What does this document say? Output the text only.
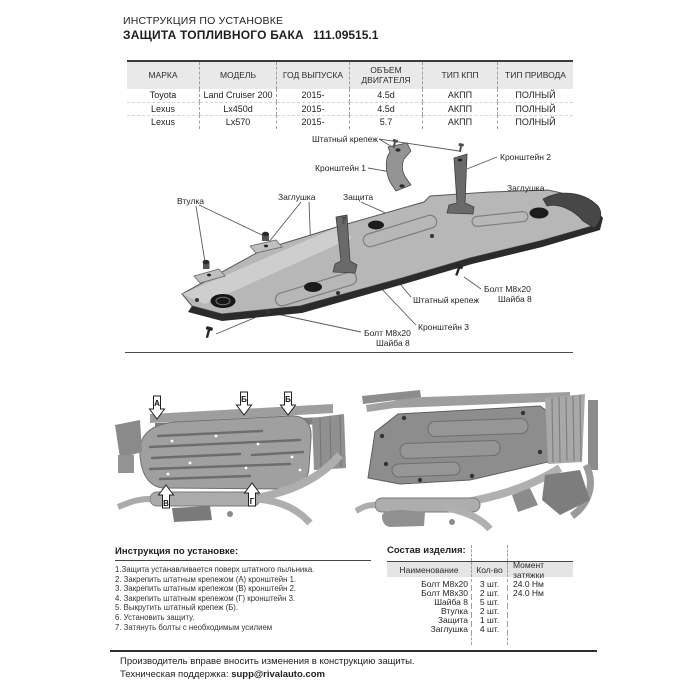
ИНСТРУКЦИЯ ПО УСТАНОВКЕ
ЗАЩИТА ТОПЛИВНОГО БАКА 111.09515.1
МАРКА	МОДЕЛЬ	ГОД ВЫПУСКА	ОБЪЕМ ДВИГАТЕЛЯ	ТИП КПП	ТИП ПРИВОДА
Toyota	Land Cruiser 200	2015-	4.5d	АКПП	ПОЛНЫЙ
Lexus	Lx450d	2015-	4.5d	АКПП	ПОЛНЫЙ
Lexus	Lx570	2015-	5.7	АКПП	ПОЛНЫЙ
Штатный крепеж
Кронштейн 1
Кронштейн 2
Заглушка
Втулка	Заглушка	Защита
Штатный крепеж
Болт М8х20
Шайба 8
Кронштейн 3
Болт М8х20
Шайба 8
А	Б	Б
В	Г
Инструкция по установке:
1.Защита устанавливается поверх штатного пыльника.
2. Закрепить штатным крепежом (А) кронштейн 1.
3. Закрепить штатным крепежом (В) кронштейн 2.
4. Закрепить штатным крепежом (Г) кронштейн 3.
5. Выкрутить штатный крепеж (Б).
6. Установить защиту.
7. Затянуть болты с необходимым усилием
Состав изделия:
Наименование	Кол-во	Момент затяжки
Болт М8х20	3 шт.	24.0 Нм
Болт М8х30	2 шт.	24.0 Нм
Шайба 8	5 шт.
Втулка	2 шт.
Защита	1 шт.
Заглушка	4 шт.
Производитель вправе вносить изменения в конструкцию защиты.
Техническая поддержка: supp@rivalauto.com
